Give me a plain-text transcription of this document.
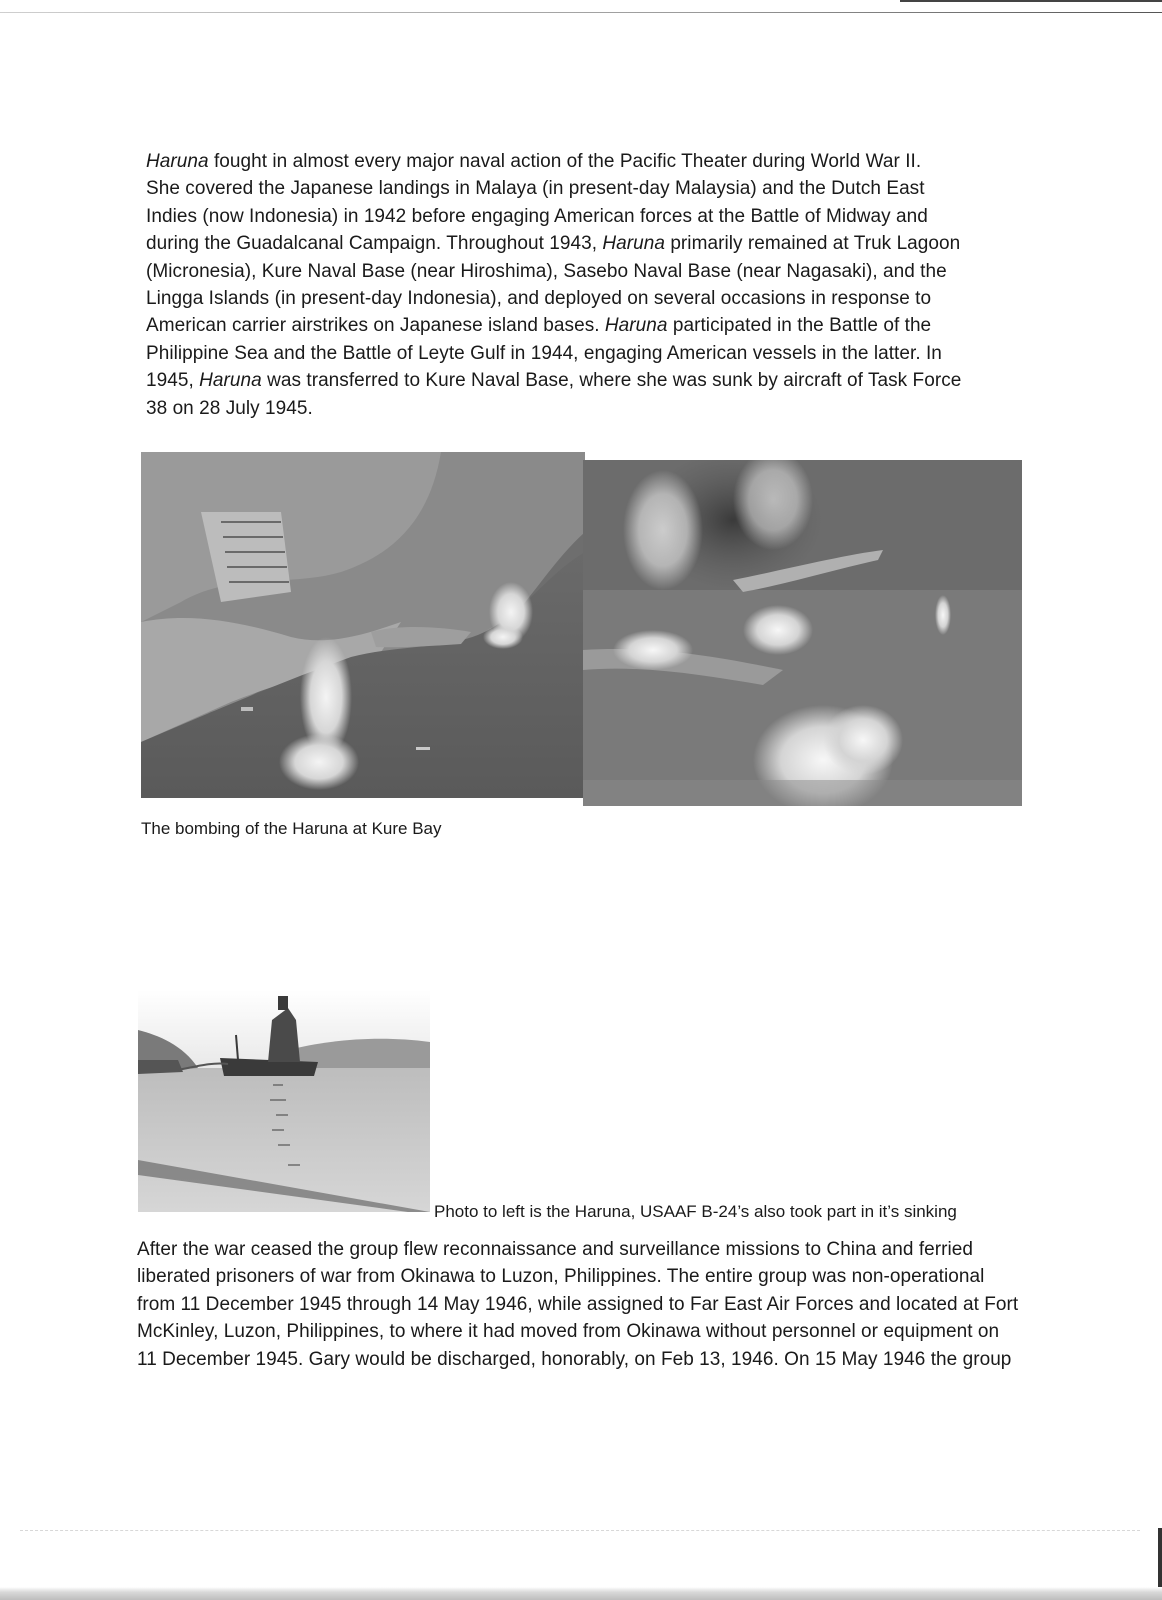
Haruna fought in almost every major naval action of the Pacific Theater during World War II.
She covered the Japanese landings in Malaya (in present-day Malaysia) and the Dutch East
Indies (now Indonesia) in 1942 before engaging American forces at the Battle of Midway and
during the Guadalcanal Campaign. Throughout 1943, Haruna primarily remained at Truk Lagoon
(Micronesia), Kure Naval Base (near Hiroshima), Sasebo Naval Base (near Nagasaki), and the
Lingga Islands (in present-day Indonesia), and deployed on several occasions in response to
American carrier airstrikes on Japanese island bases. Haruna participated in the Battle of the
Philippine Sea and the Battle of Leyte Gulf in 1944, engaging American vessels in the latter. In
1945, Haruna was transferred to Kure Naval Base, where she was sunk by aircraft of Task Force
38 on 28 July 1945.

The bombing of the Haruna at Kure Bay

Photo to left is the Haruna, USAAF B-24’s also took part in it’s sinking

After the war ceased the group flew reconnaissance and surveillance missions to China and ferried
liberated prisoners of war from Okinawa to Luzon, Philippines. The entire group was non-operational
from 11 December 1945 through 14 May 1946, while assigned to Far East Air Forces and located at Fort
McKinley, Luzon, Philippines, to where it had moved from Okinawa without personnel or equipment on
11 December 1945. Gary would be discharged, honorably, on Feb 13, 1946. On 15 May 1946 the group
